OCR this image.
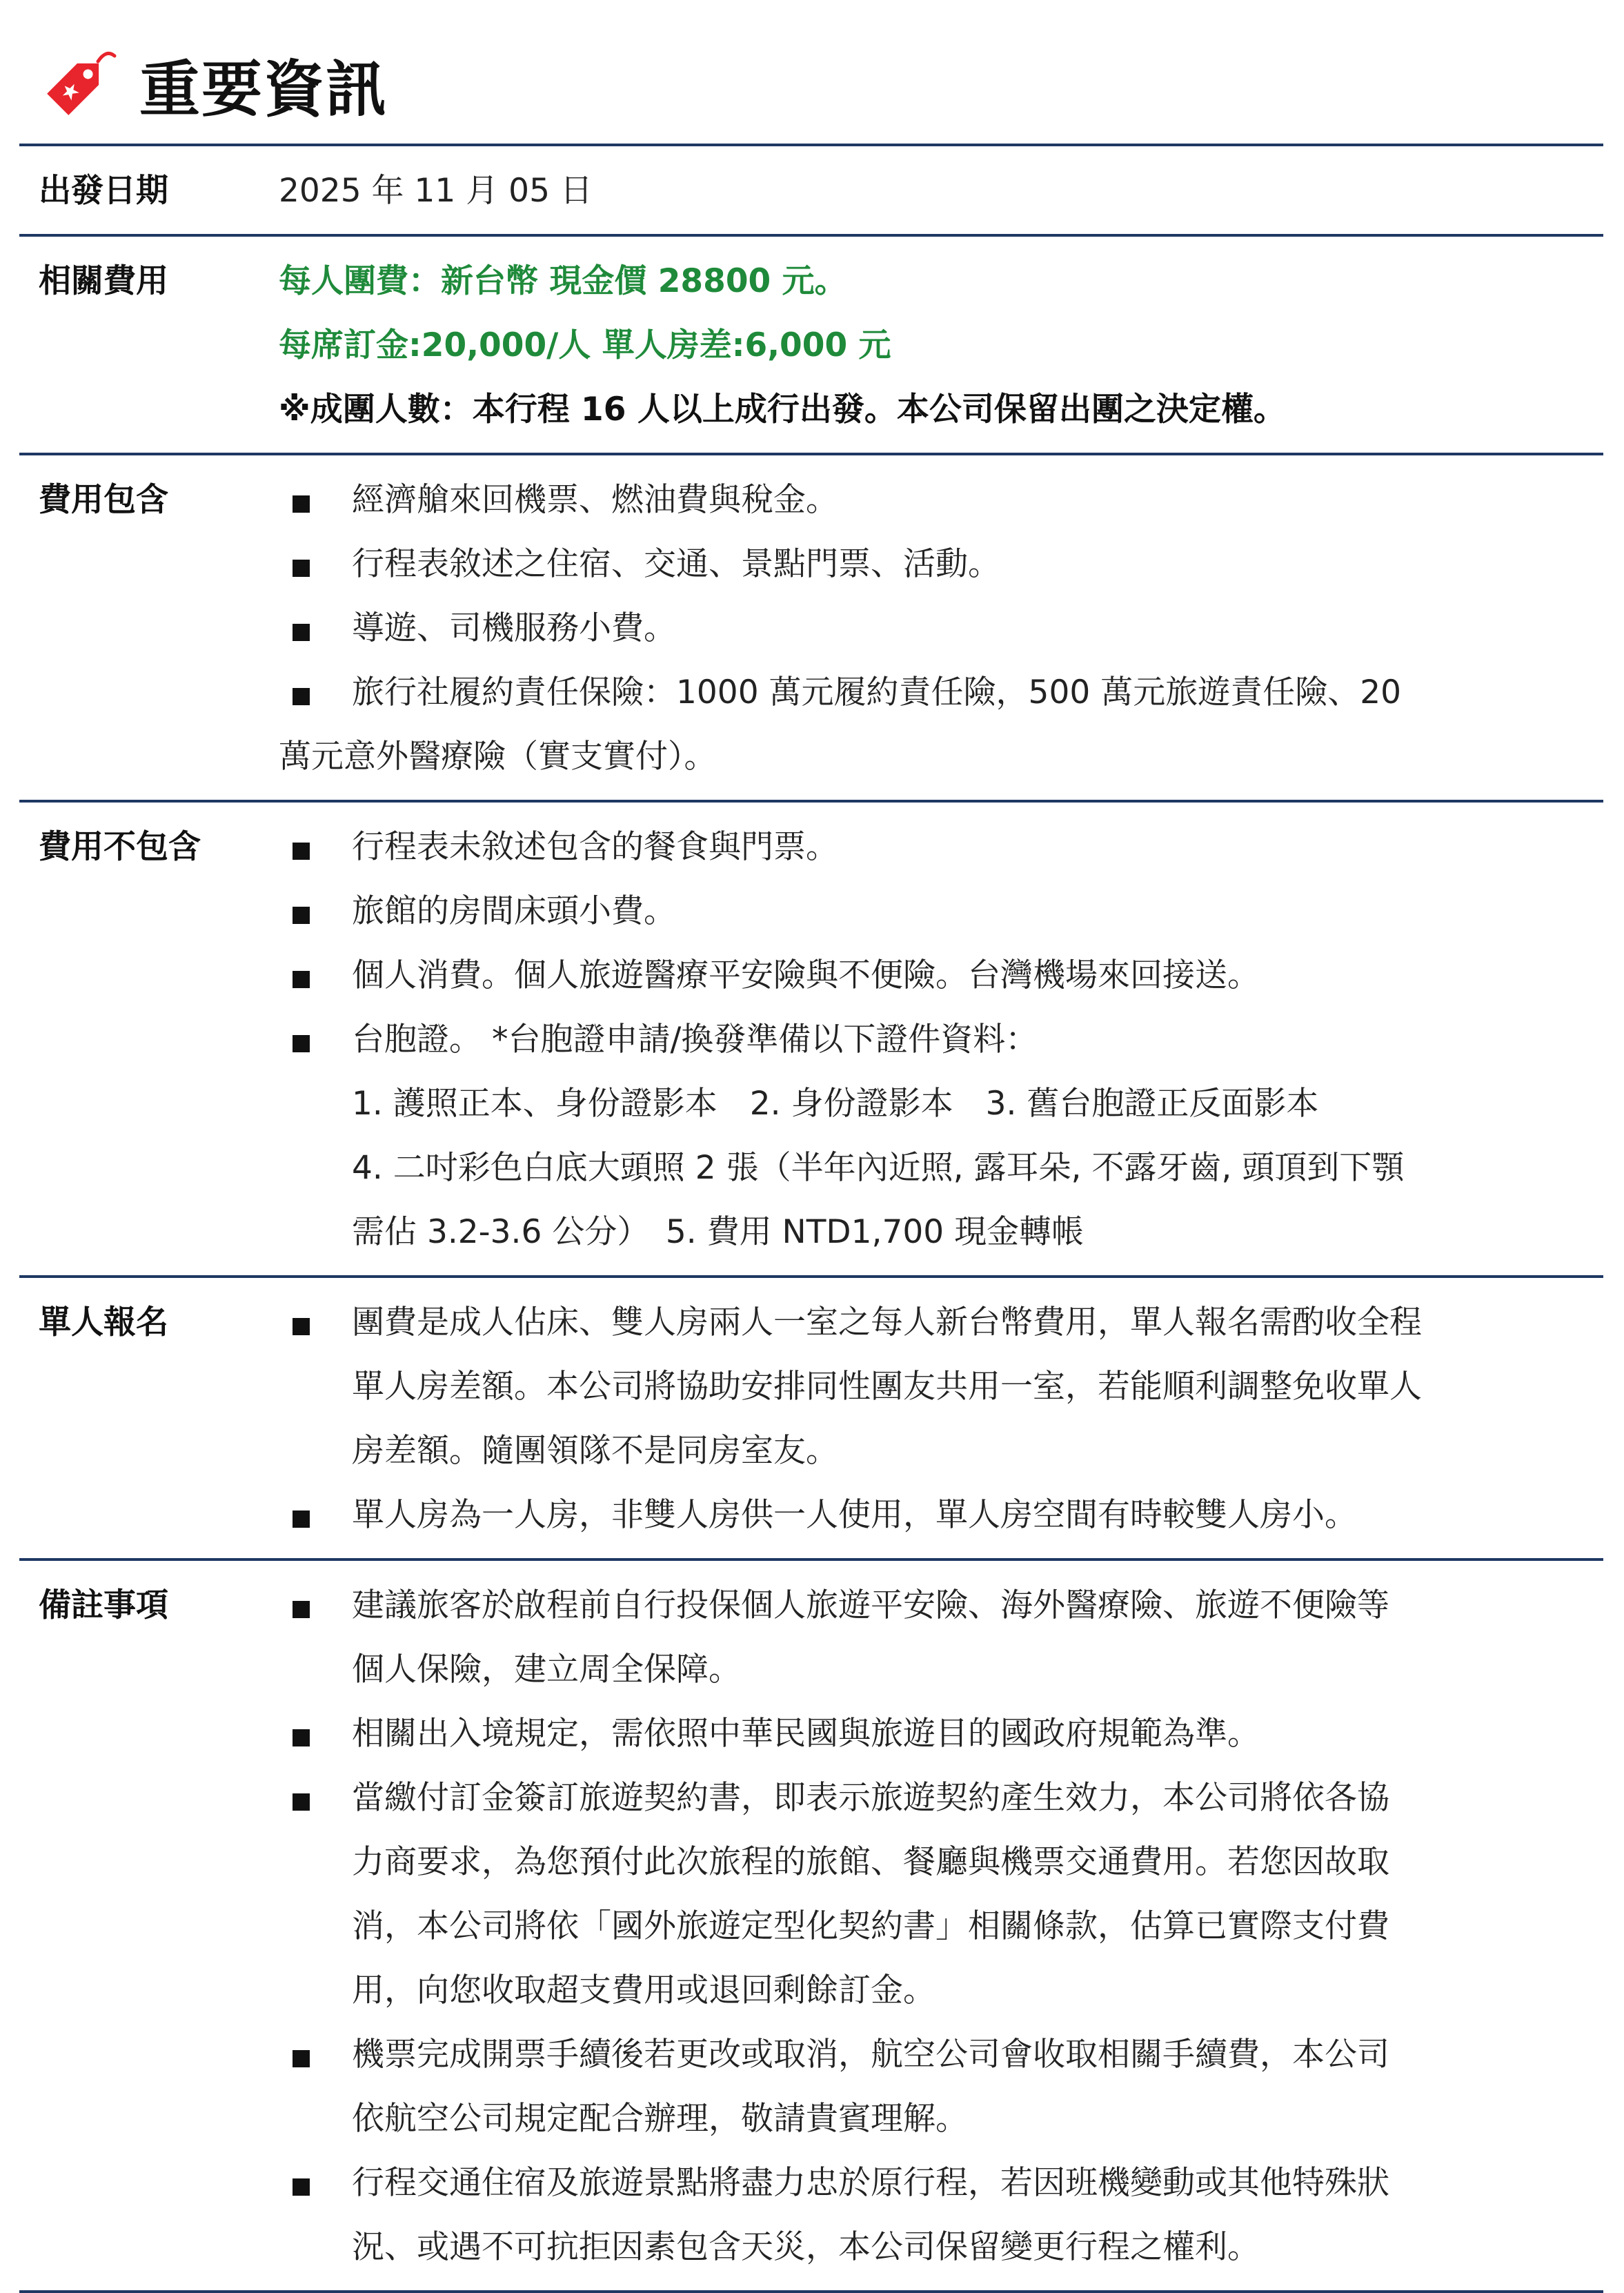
重要資訊
出發日期	2025 年 11 月 05 日
相關費用	每人團費：新台幣 現金價 28800 元。
每席訂金:20,000/人 單人房差:6,000 元
※成團人數：本行程 16 人以上成行出發。本公司保留出團之決定權。
費用包含	經濟艙來回機票、燃油費與稅金。
行程表敘述之住宿、交通、景點門票、活動。
導遊、司機服務小費。
旅行社履約責任保險：1000 萬元履約責任險，500 萬元旅遊責任險、20
萬元意外醫療險（實支實付）。
費用不包含	行程表未敘述包含的餐食與門票。
旅館的房間床頭小費。
個人消費。個人旅遊醫療平安險與不便險。台灣機場來回接送。
台胞證。 *台胞證申請/換發準備以下證件資料：
1. 護照正本、身份證影本　2. 身份證影本　3. 舊台胞證正反面影本
4. 二吋彩色白底大頭照 2 張（半年內近照, 露耳朵, 不露牙齒, 頭頂到下顎
需佔 3.2-3.6 公分）　5. 費用 NTD1,700 現金轉帳
單人報名	團費是成人佔床、雙人房兩人一室之每人新台幣費用，單人報名需酌收全程
單人房差額。本公司將協助安排同性團友共用一室，若能順利調整免收單人
房差額。隨團領隊不是同房室友。
單人房為一人房，非雙人房供一人使用，單人房空間有時較雙人房小。
備註事項	建議旅客於啟程前自行投保個人旅遊平安險、海外醫療險、旅遊不便險等
個人保險，建立周全保障。
相關出入境規定，需依照中華民國與旅遊目的國政府規範為準。
當繳付訂金簽訂旅遊契約書，即表示旅遊契約產生效力，本公司將依各協
力商要求，為您預付此次旅程的旅館、餐廳與機票交通費用。若您因故取
消，本公司將依「國外旅遊定型化契約書」相關條款，估算已實際支付費
用，向您收取超支費用或退回剩餘訂金。
機票完成開票手續後若更改或取消，航空公司會收取相關手續費，本公司
依航空公司規定配合辦理，敬請貴賓理解。
行程交通住宿及旅遊景點將盡力忠於原行程，若因班機變動或其他特殊狀
況、或遇不可抗拒因素包含天災，本公司保留變更行程之權利。
